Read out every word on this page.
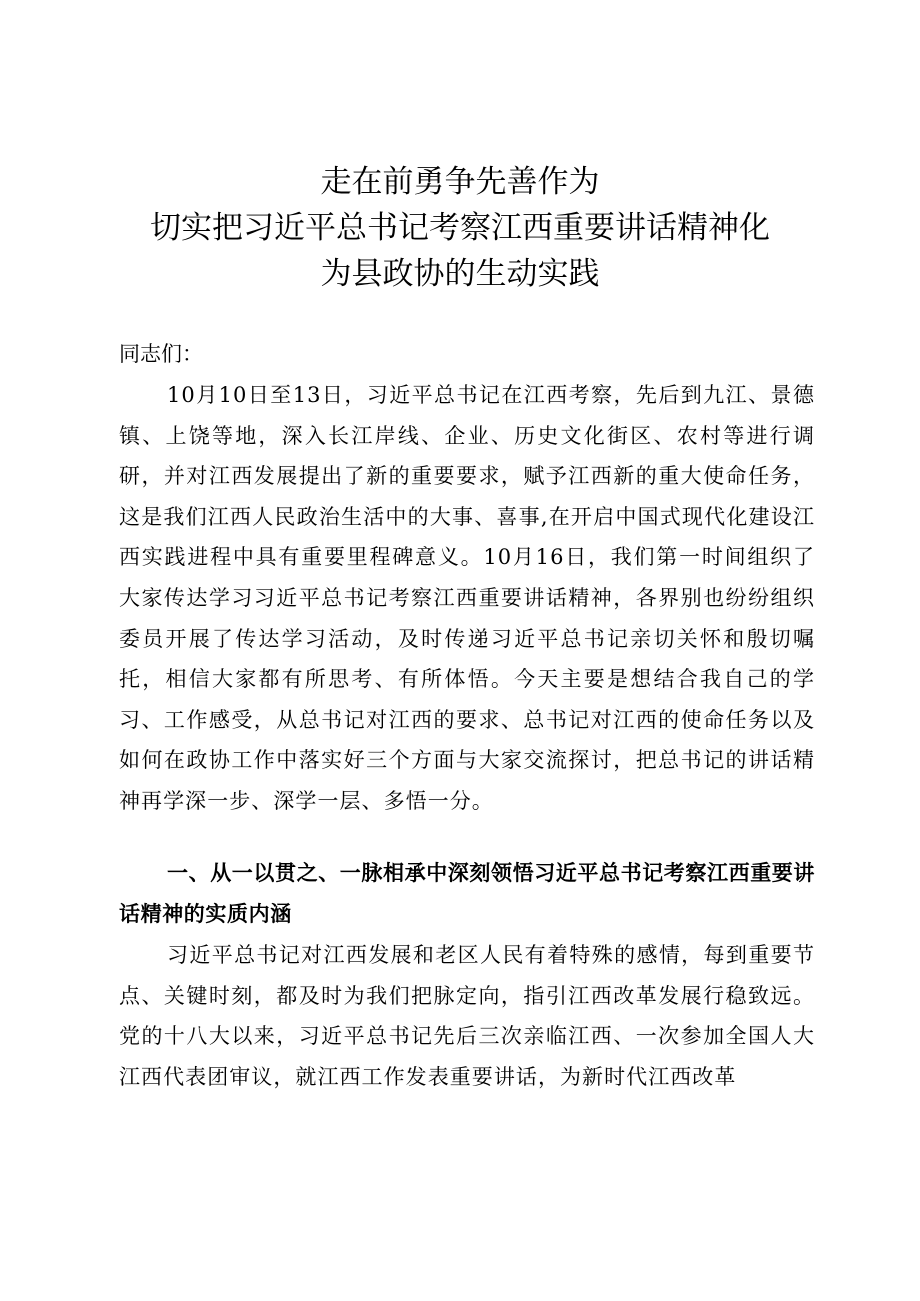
走在前勇争先善作为
切实把习近平总书记考察江西重要讲话精神化
为县政协的生动实践

同志们：

10月10日至13日，习近平总书记在江西考察，先后到九江、景德镇、上饶等地，深入长江岸线、企业、历史文化街区、农村等进行调研，并对江西发展提出了新的重要要求，赋予江西新的重大使命任务，这是我们江西人民政治生活中的大事、喜事,在开启中国式现代化建设江西实践进程中具有重要里程碑意义。10月16日，我们第一时间组织了大家传达学习习近平总书记考察江西重要讲话精神，各界别也纷纷组织委员开展了传达学习活动，及时传递习近平总书记亲切关怀和殷切嘱托，相信大家都有所思考、有所体悟。今天主要是想结合我自己的学习、工作感受，从总书记对江西的要求、总书记对江西的使命任务以及如何在政协工作中落实好三个方面与大家交流探讨，把总书记的讲话精神再学深一步、深学一层、多悟一分。

一、从一以贯之、一脉相承中深刻领悟习近平总书记考察江西重要讲话精神的实质内涵

习近平总书记对江西发展和老区人民有着特殊的感情，每到重要节点、关键时刻，都及时为我们把脉定向，指引江西改革发展行稳致远。党的十八大以来，习近平总书记先后三次亲临江西、一次参加全国人大江西代表团审议，就江西工作发表重要讲话，为新时代江西改革
